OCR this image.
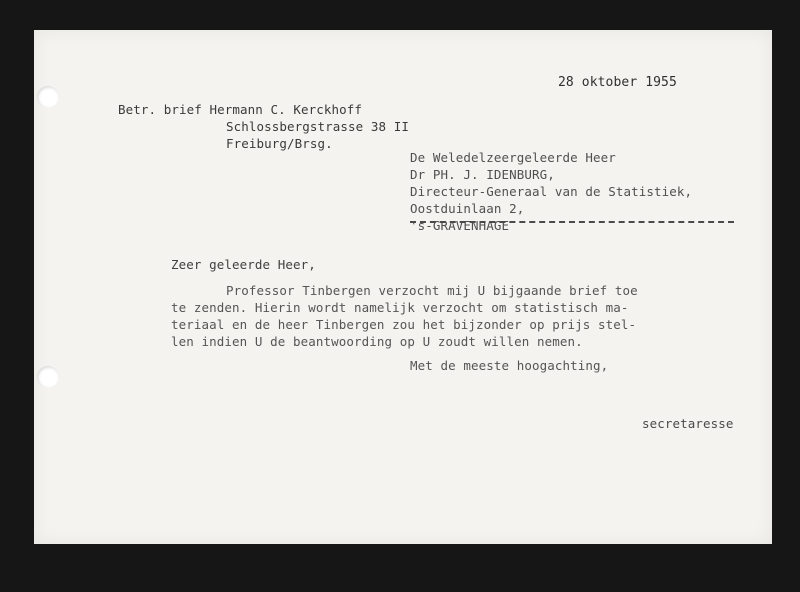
28 oktober 1955
Betr. brief Hermann C. Kerckhoff
Schlossbergstrasse 38 II
Freiburg/Brsg.
De Weledelzeergeleerde Heer
Dr PH. J. IDENBURG,
Directeur-Generaal van de Statistiek,
Oostduinlaan 2,
's-GRAVENHAGE
Zeer geleerde Heer,
Professor Tinbergen verzocht mij U bijgaande brief toe
te zenden. Hierin wordt namelijk verzocht om statistisch ma-
teriaal en de heer Tinbergen zou het bijzonder op prijs stel-
len indien U de beantwoording op U zoudt willen nemen.
Met de meeste hoogachting,
secretaresse
